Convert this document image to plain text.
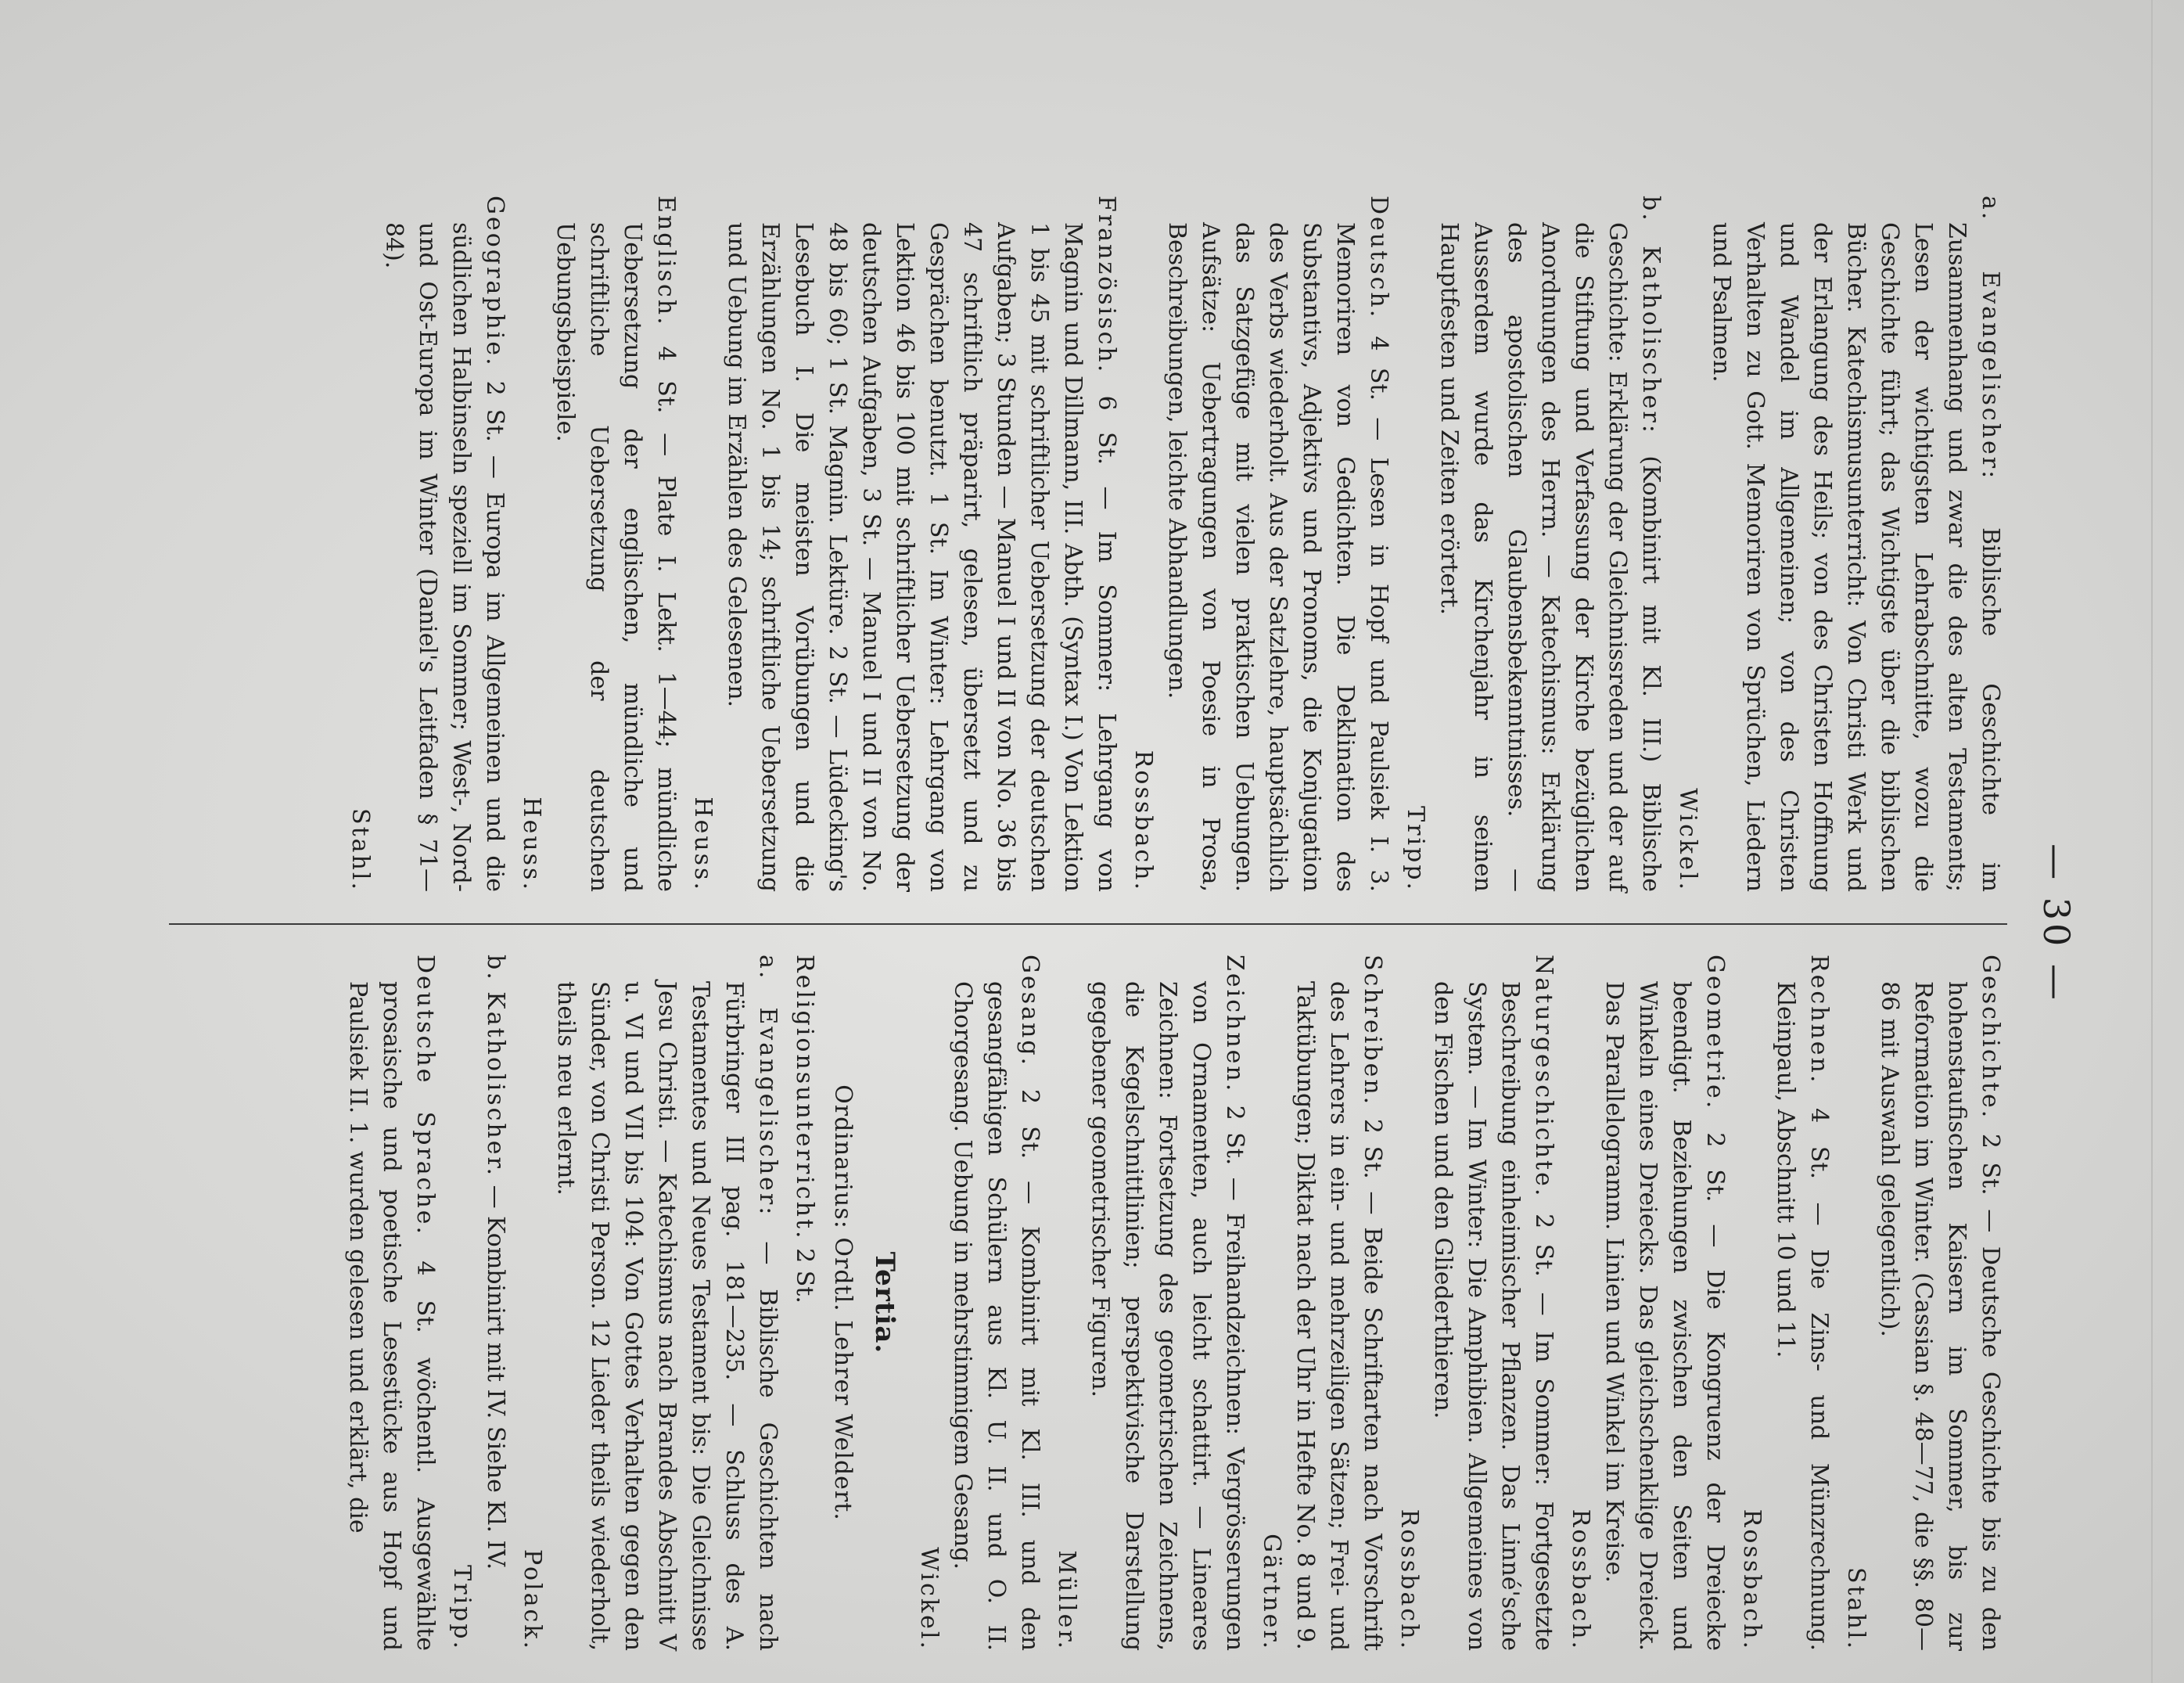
— 30 —

a. Evangelischer: Biblische Geschichte im Zusammenhang und zwar die des alten Testaments; Lesen der wichtigsten Lehrabschnitte, wozu die Geschichte führt; das Wichtigste über die biblischen Bücher. Katechismusunterricht: Von Christi Werk und der Erlangung des Heils; von des Christen Hoffnung und Wandel im Allgemeinen; von des Christen Verhalten zu Gott. Memoriren von Sprüchen, Liedern und Psalmen.
Wickel.

b. Katholischer: (Kombinirt mit Kl. III.) Biblische Geschichte: Erklärung der Gleichnissreden und der auf die Stiftung und Verfassung der Kirche bezüglichen Anordnungen des Herrn. — Katechismus: Erklärung des apostolischen Glaubensbekenntnisses. — Ausserdem wurde das Kirchenjahr in seinen Hauptfesten und Zeiten erörtert.
Tripp.

Deutsch. 4 St. — Lesen in Hopf und Paulsiek I. 3. Memoriren von Gedichten. Die Deklination des Substantivs, Adjektivs und Pronoms, die Konjugation des Verbs wiederholt. Aus der Satzlehre, hauptsächlich das Satzgefüge mit vielen praktischen Uebungen. Aufsätze: Uebertragungen von Poesie in Prosa, Beschreibungen, leichte Abhandlungen.
Rossbach.

Französisch. 6 St. — Im Sommer: Lehrgang von Magnin und Dillmann, III. Abth. (Syntax I.) Von Lektion 1 bis 45 mit schriftlicher Uebersetzung der deutschen Aufgaben; 3 Stunden — Manuel I und II von No. 36 bis 47 schriftlich präparirt, gelesen, übersetzt und zu Gesprächen benutzt. 1 St. Im Winter: Lehrgang von Lektion 46 bis 100 mit schriftlicher Uebersetzung der deutschen Aufgaben, 3 St. — Manuel I und II von No. 48 bis 60; 1 St. Magnin. Lektüre. 2 St. — Lüdecking's Lesebuch I. Die meisten Vorübungen und die Erzählungen No. 1 bis 14; schriftliche Uebersetzung und Uebung im Erzählen des Gelesenen.
Heuss.

Englisch. 4 St. — Plate I. Lekt. 1—44; mündliche Uebersetzung der englischen, mündliche und schriftliche Uebersetzung der deutschen Uebungsbeispiele.
Heuss.

Geographie. 2 St. — Europa im Allgemeinen und die südlichen Halbinseln speziell im Sommer; West-, Nord- und Ost-Europa im Winter (Daniel's Leitfaden § 71—84).
Stahl.

Geschichte. 2 St. — Deutsche Geschichte bis zu den hohenstaufischen Kaisern im Sommer, bis zur Reformation im Winter. (Cassian §. 48—77, die §§. 80—86 mit Auswahl gelegentlich).
Stahl.

Rechnen. 4 St. — Die Zins- und Münzrechnung. Kleinpaul, Abschnitt 10 und 11.
Rossbach.

Geometrie. 2 St. — Die Kongruenz der Dreiecke beendigt. Beziehungen zwischen den Seiten und Winkeln eines Dreiecks. Das gleichschenklige Dreieck. Das Parallelogramm. Linien und Winkel im Kreise.
Rossbach.

Naturgeschichte. 2 St. — Im Sommer: Fortgesetzte Beschreibung einheimischer Pflanzen. Das Linné'sche System. — Im Winter: Die Amphibien. Allgemeines von den Fischen und den Gliederthieren.
Rossbach.

Schreiben. 2 St. — Beide Schriftarten nach Vorschrift des Lehrers in ein- und mehrzeiligen Sätzen; Frei- und Taktübungen; Diktat nach der Uhr in Hefte No. 8 und 9.
Gärtner.

Zeichnen. 2 St. — Freihandzeichnen: Vergrösserungen von Ornamenten, auch leicht schattirt. — Lineares Zeichnen: Fortsetzung des geometrischen Zeichnens, die Kegelschnittlinien; perspektivische Darstellung gegebener geometrischer Figuren.
Müller.

Gesang. 2 St. — Kombinirt mit Kl. III. und den gesangfähigen Schülern aus Kl. U. II. und O. II. Chorgesang. Uebung in mehrstimmigem Gesang.
Wickel.

Tertia.
Ordinarius: Ordtl. Lehrer Weldert.

Religionsunterricht. 2 St.

a. Evangelischer: — Biblische Geschichten nach Fürbringer III pag. 181—235. — Schluss des A. Testamentes und Neues Testament bis: Die Gleichnisse Jesu Christi. — Katechismus nach Brandes Abschnitt V u. VI und VII bis 104: Von Gottes Verhalten gegen den Sünder, von Christi Person. 12 Lieder theils wiederholt, theils neu erlernt.
Polack.

b. Katholischer. — Kombinirt mit IV. Siehe Kl. IV.
Tripp.

Deutsche Sprache. 4 St. wöchentl. Ausgewählte prosaische und poetische Lesestücke aus Hopf und Paulsiek II. 1. wurden gelesen und erklärt, die
